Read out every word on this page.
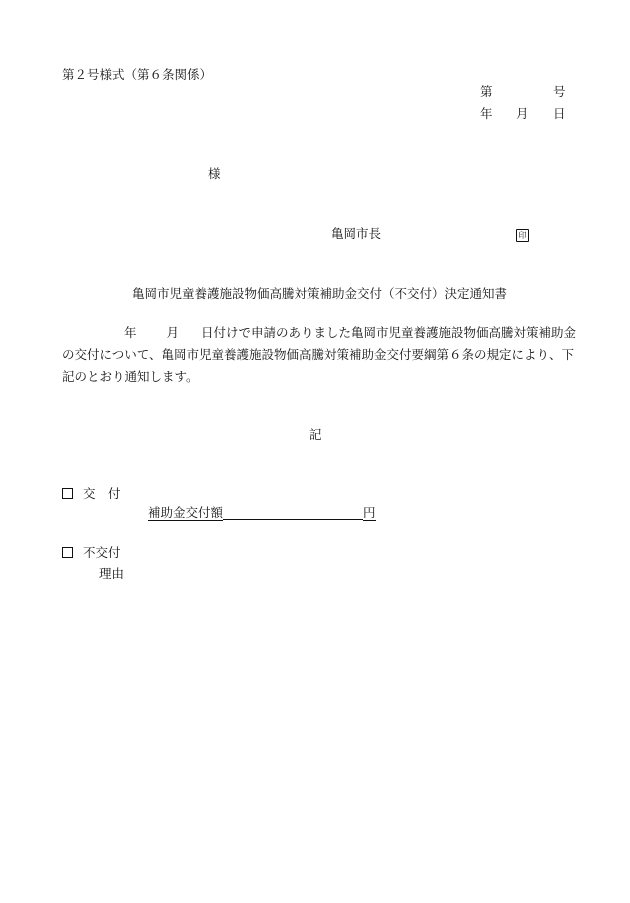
第２号様式（第６条関係）
第	号
年 月 日
様
亀岡市長	印
亀岡市児童養護施設物価高騰対策補助金交付（不交付）決定通知書
年 月 日付けで申請のありました亀岡市児童養護施設物価高騰対策補助金
の交付について、亀岡市児童養護施設物価高騰対策補助金交付要綱第６条の規定により、下
記のとおり通知します。
記
交　付
補助金交付額	円
不交付
理由
